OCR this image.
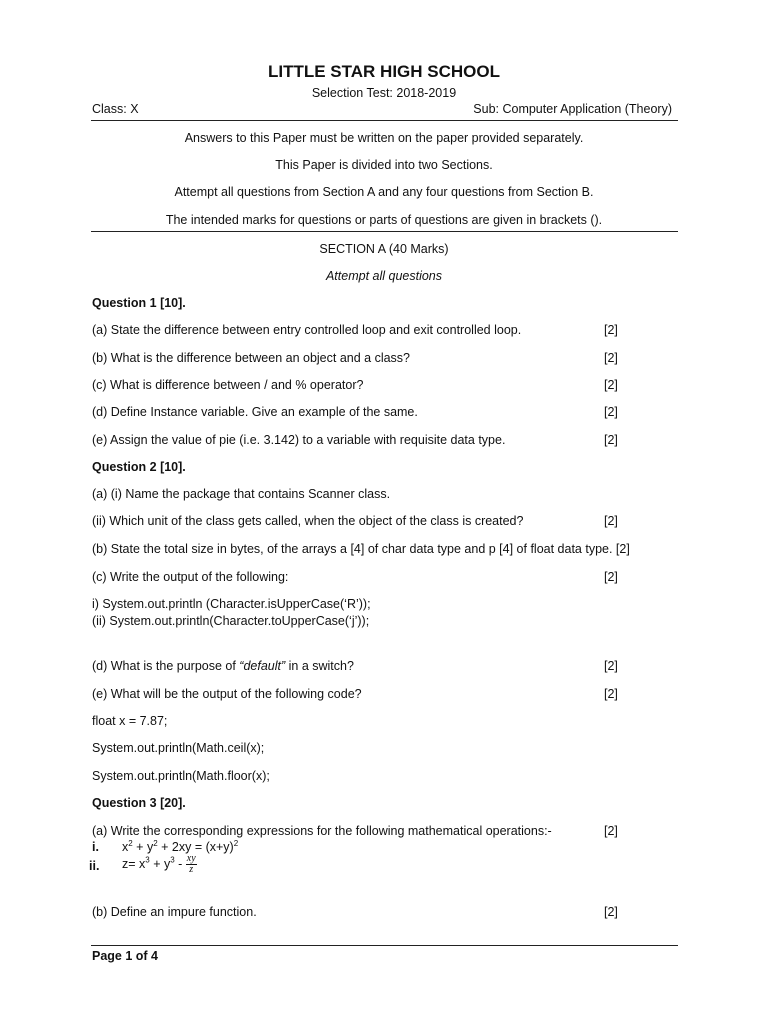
LITTLE STAR HIGH SCHOOL
Selection Test: 2018-2019
Class: X	Sub: Computer Application (Theory)
Answers to this Paper must be written on the paper provided separately.
This Paper is divided into two Sections.
Attempt all questions from Section A and any four questions from Section B.
The intended marks for questions or parts of questions are given in brackets ().
SECTION A (40 Marks)
Attempt all questions
Question 1 [10].
(a) State the difference between entry controlled loop and exit controlled loop.	[2]
(b) What is the difference between an object and a class?	[2]
(c) What is difference between / and % operator?	[2]
(d) Define Instance variable. Give an example of the same.	[2]
(e) Assign the value of pie (i.e. 3.142) to a variable with requisite data type.	[2]
Question 2 [10].
(a) (i) Name the package that contains Scanner class.
(ii) Which unit of the class gets called, when the object of the class is created?	[2]
(b) State the total size in bytes, of the arrays a [4] of char data type and p [4] of float data type. [2]
(c) Write the output of the following:	[2]
i) System.out.println (Character.isUpperCase(‘R’));
(ii) System.out.println(Character.toUpperCase(‘j’));
(d) What is the purpose of “default” in a switch?	[2]
(e) What will be the output of the following code?	[2]
float x = 7.87;
System.out.println(Math.ceil(x);
System.out.println(Math.floor(x);
Question 3 [20].
(a) Write the corresponding expressions for the following mathematical operations:-	[2]
i. $x^2 + y^2 + 2xy = (x+y)^2$
ii. $z= x^3 + y^3 - \frac{xy}{z}$
(b) Define an impure function.	[2]
Page 1 of 4
